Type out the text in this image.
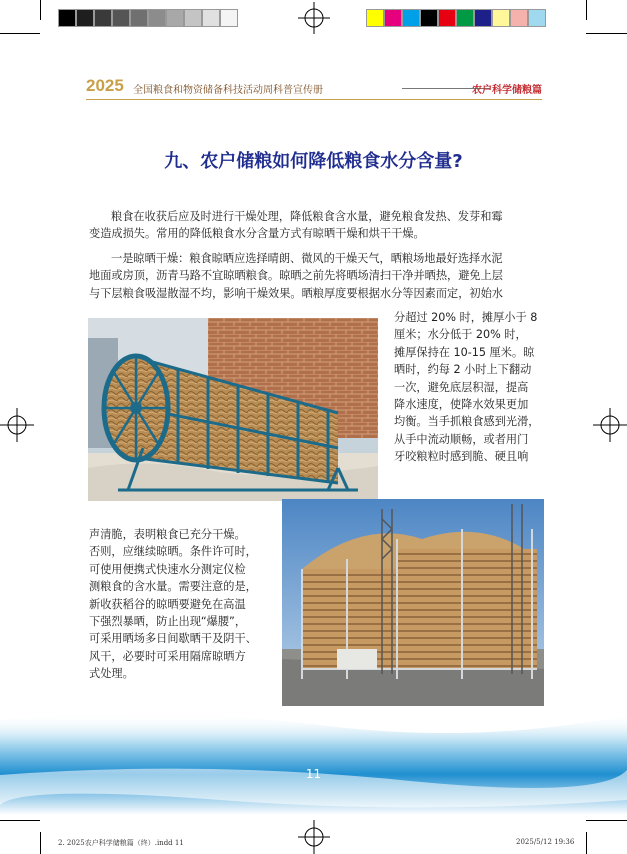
2025 全国粮食和物资储备科技活动周科普宣传册	农户科学储粮篇
九、农户储粮如何降低粮食水分含量?
粮食在收获后应及时进行干燥处理，降低粮食含水量，避免粮食发热、发芽和霉
变造成损失。常用的降低粮食水分含量方式有晾晒干燥和烘干干燥。
一是晾晒干燥：粮食晾晒应选择晴朗、微风的干燥天气，晒粮场地最好选择水泥
地面或房顶，沥青马路不宜晾晒粮食。晾晒之前先将晒场清扫干净并晒热，避免上层
与下层粮食吸湿散湿不均，影响干燥效果。晒粮厚度要根据水分等因素而定，初始水
分超过 20% 时，摊厚小于 8
厘米；水分低于 20% 时，
摊厚保持在 10-15 厘米。晾
晒时，约每 2 小时上下翻动
一次，避免底层积湿，提高
降水速度，使降水效果更加
均衡。当手抓粮食感到光滑，
从手中流动顺畅，或者用门
牙咬粮粒时感到脆、硬且响
声清脆，表明粮食已充分干燥。
否则，应继续晾晒。条件许可时，
可使用便携式快速水分测定仪检
测粮食的含水量。需要注意的是，
新收获稻谷的晾晒要避免在高温
下强烈暴晒，防止出现“爆腰”，
可采用晒场多日间歇晒干及阴干、
风干，必要时可采用隔席晾晒方
式处理。
11
2. 2025农户科学储粮篇（终）.indd 11	2025/5/12 19:36
